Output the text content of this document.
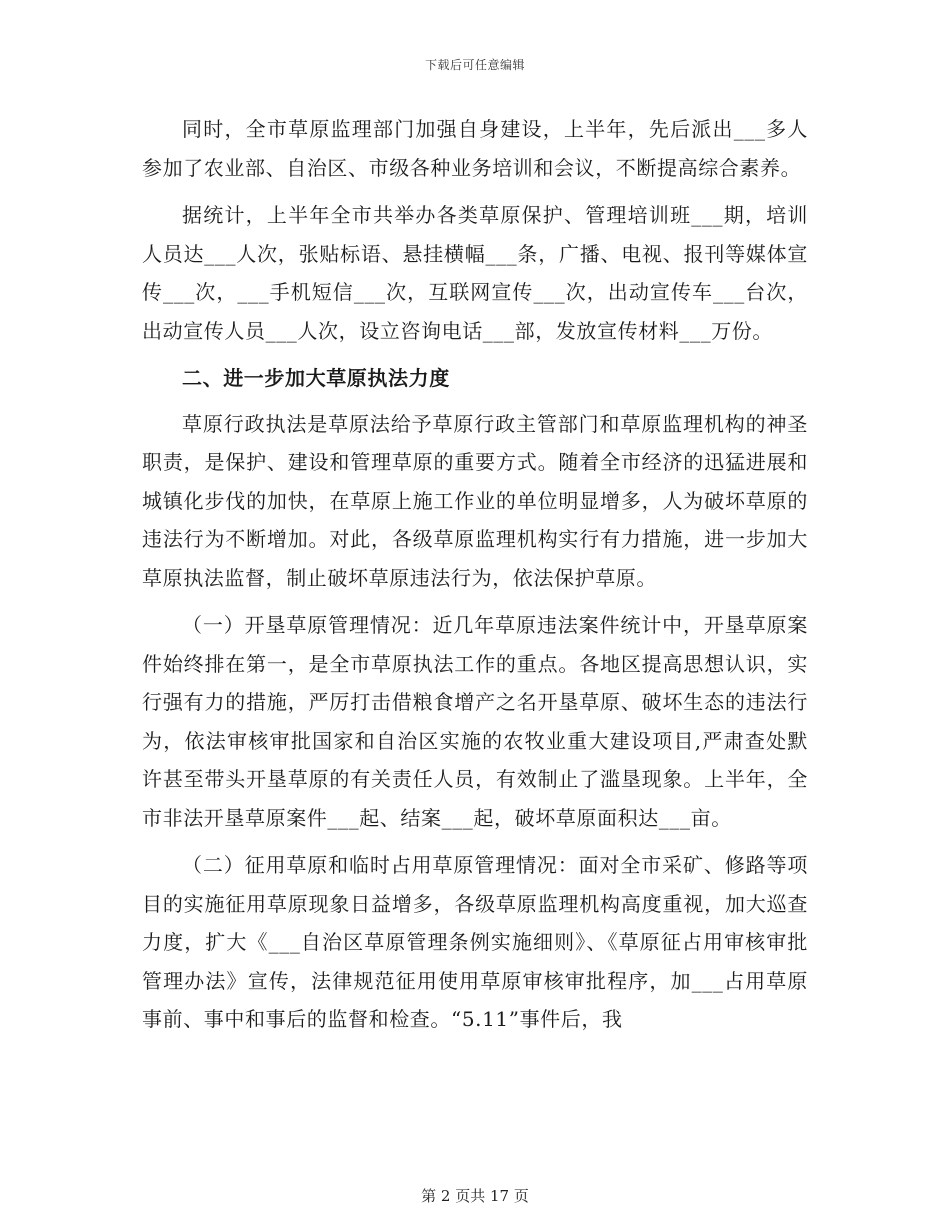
下载后可任意编辑

同时，全市草原监理部门加强自身建设，上半年，先后派出___多人参加了农业部、自治区、市级各种业务培训和会议，不断提高综合素养。

据统计，上半年全市共举办各类草原保护、管理培训班___期，培训人员达___人次，张贴标语、悬挂横幅___条，广播、电视、报刊等媒体宣传___次，___手机短信___次，互联网宣传___次，出动宣传车___台次，出动宣传人员___人次，设立咨询电话___部，发放宣传材料___万份。

二、进一步加大草原执法力度

草原行政执法是草原法给予草原行政主管部门和草原监理机构的神圣职责，是保护、建设和管理草原的重要方式。随着全市经济的迅猛进展和城镇化步伐的加快，在草原上施工作业的单位明显增多，人为破坏草原的违法行为不断增加。对此，各级草原监理机构实行有力措施，进一步加大草原执法监督，制止破坏草原违法行为，依法保护草原。

（一）开垦草原管理情况：近几年草原违法案件统计中，开垦草原案件始终排在第一，是全市草原执法工作的重点。各地区提高思想认识，实行强有力的措施，严厉打击借粮食增产之名开垦草原、破坏生态的违法行为，依法审核审批国家和自治区实施的农牧业重大建设项目,严肃查处默许甚至带头开垦草原的有关责任人员，有效制止了滥垦现象。上半年，全市非法开垦草原案件___起、结案___起，破坏草原面积达___亩。

（二）征用草原和临时占用草原管理情况：面对全市采矿、修路等项目的实施征用草原现象日益增多，各级草原监理机构高度重视，加大巡查力度，扩大《___自治区草原管理条例实施细则》、《草原征占用审核审批管理办法》宣传，法律规范征用使用草原审核审批程序，加___占用草原事前、事中和事后的监督和检查。“5.11”事件后，我

第 2 页共 17 页
